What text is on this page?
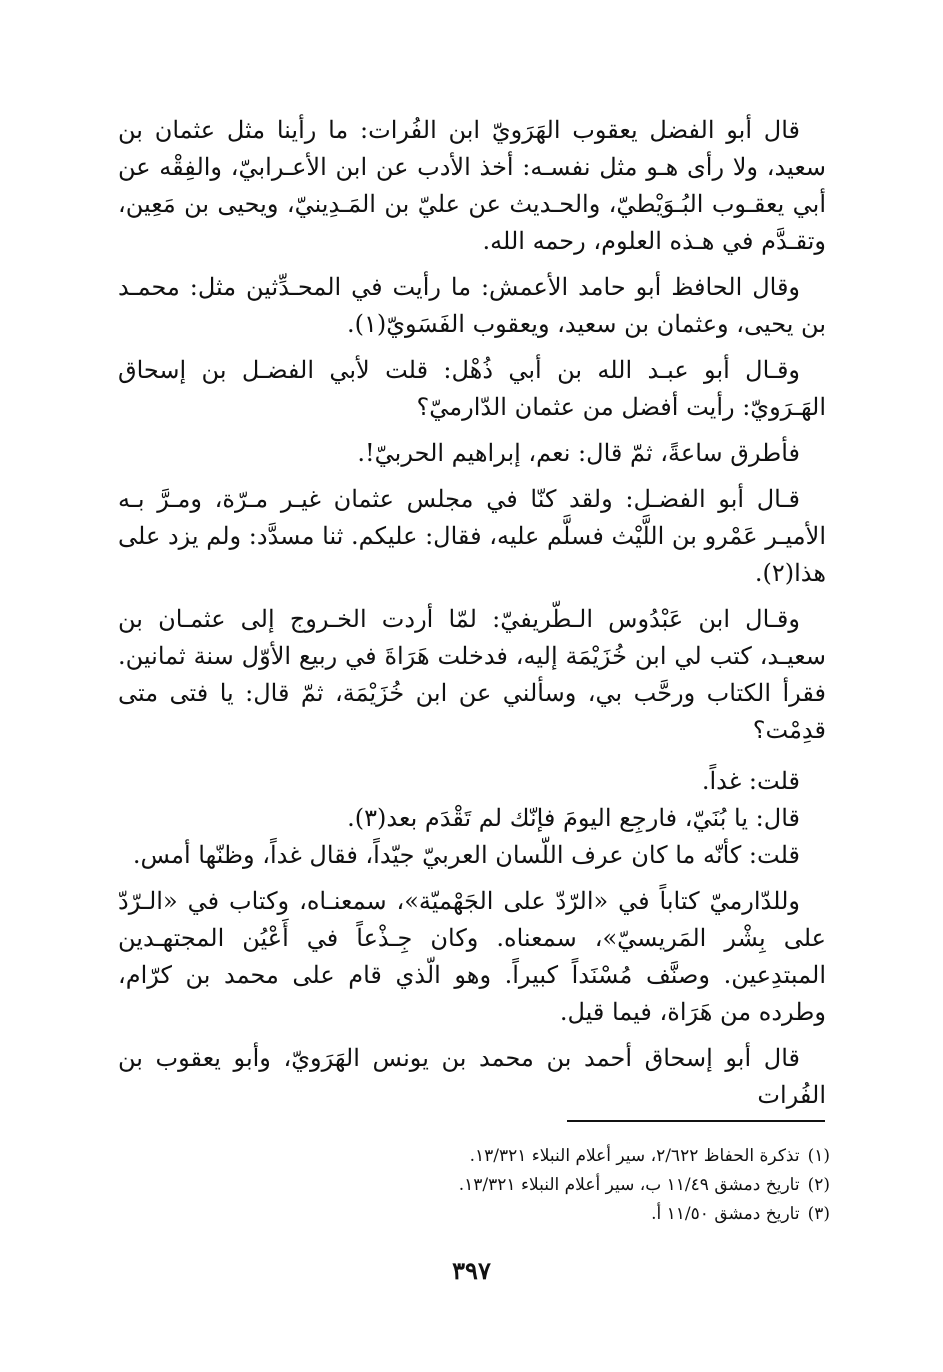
قال أبو الفضل يعقوب الهَرَويّ ابن الفُرات: ما رأينا مثل عثمان بن سعيد، ولا رأى هـو مثل نفسـه: أخذ الأدب عن ابن الأعـرابيّ، والفِقْه عن أبي يعقـوب البُـوَيْطيّ، والحـديث عن عليّ بن المَـدِينيّ، ويحيى بن مَعِين، وتقـدَّم في هـذه العلوم، رحمه الله.

وقال الحافظ أبو حامد الأعمش: ما رأيت في المحـدِّثين مثل: محمـد بن يحيى، وعثمان بن سعيد، ويعقوب الفَسَويّ(١).

وقـال أبو عبـد الله بن أبي ذُهْل: قلت لأبي الفضـل بن إسحاق الهَـرَويّ: رأيت أفضل من عثمان الدّارميّ؟

فأطرق ساعةً، ثمّ قال: نعم، إبراهيم الحربيّ!.

قـال أبو الفضـل: ولقد كنّا في مجلس عثمان غيـر مـرّة، ومـرَّ بـه الأميـر عَمْرو بن اللَّيْث فسلَّم عليه، فقال: عليكم. ثنا مسدَّد: ولم يزد على هذا(٢).

وقـال ابن عَبْدُوس الـطّريفيّ: لمّا أردت الخـروج إلى عثمـان بن سعيـد، كتب لي ابن خُزَيْمَة إليه، فدخلت هَرَاةَ في ربيع الأوّل سنة ثمانين. فقرأ الكتاب ورحَّب بي، وسألني عن ابن خُزَيْمَة، ثمّ قال: يا فتى متى قدِمْت؟

قلت: غداً.
قال: يا بُنَيّ، فارجِع اليومَ فإنّك لم تَقْدَم بعد(٣).
قلت: كأنّه ما كان عرف اللّسان العربيّ جيّداً، فقال غداً، وظنّها أمس.

وللدّارميّ كتاباً في «الرّدّ على الجَهْميّة»، سمعنـاه، وكتاب في «الـرّدّ على بِشْر المَريسيّ»، سمعناه. وكان جِـذْعاً في أَعْيُن المجتهـدين المبتدِعين. وصنَّف مُسْنَداً كبيراً. وهو الّذي قام على محمد بن كرّام، وطرده من هَرَاة، فيما قيل.

قال أبو إسحاق أحمد بن محمد بن يونس الهَرَويّ، وأبو يعقوب بن الفُرات

(١)تذكرة الحفاظ ٢/٦٢٢، سير أعلام النبلاء ١٣/٣٢١.
(٢)تاريخ دمشق ١١/٤٩ ب، سير أعلام النبلاء ١٣/٣٢١.
(٣)تاريخ دمشق ١١/٥٠ أ.
٣٩٧
